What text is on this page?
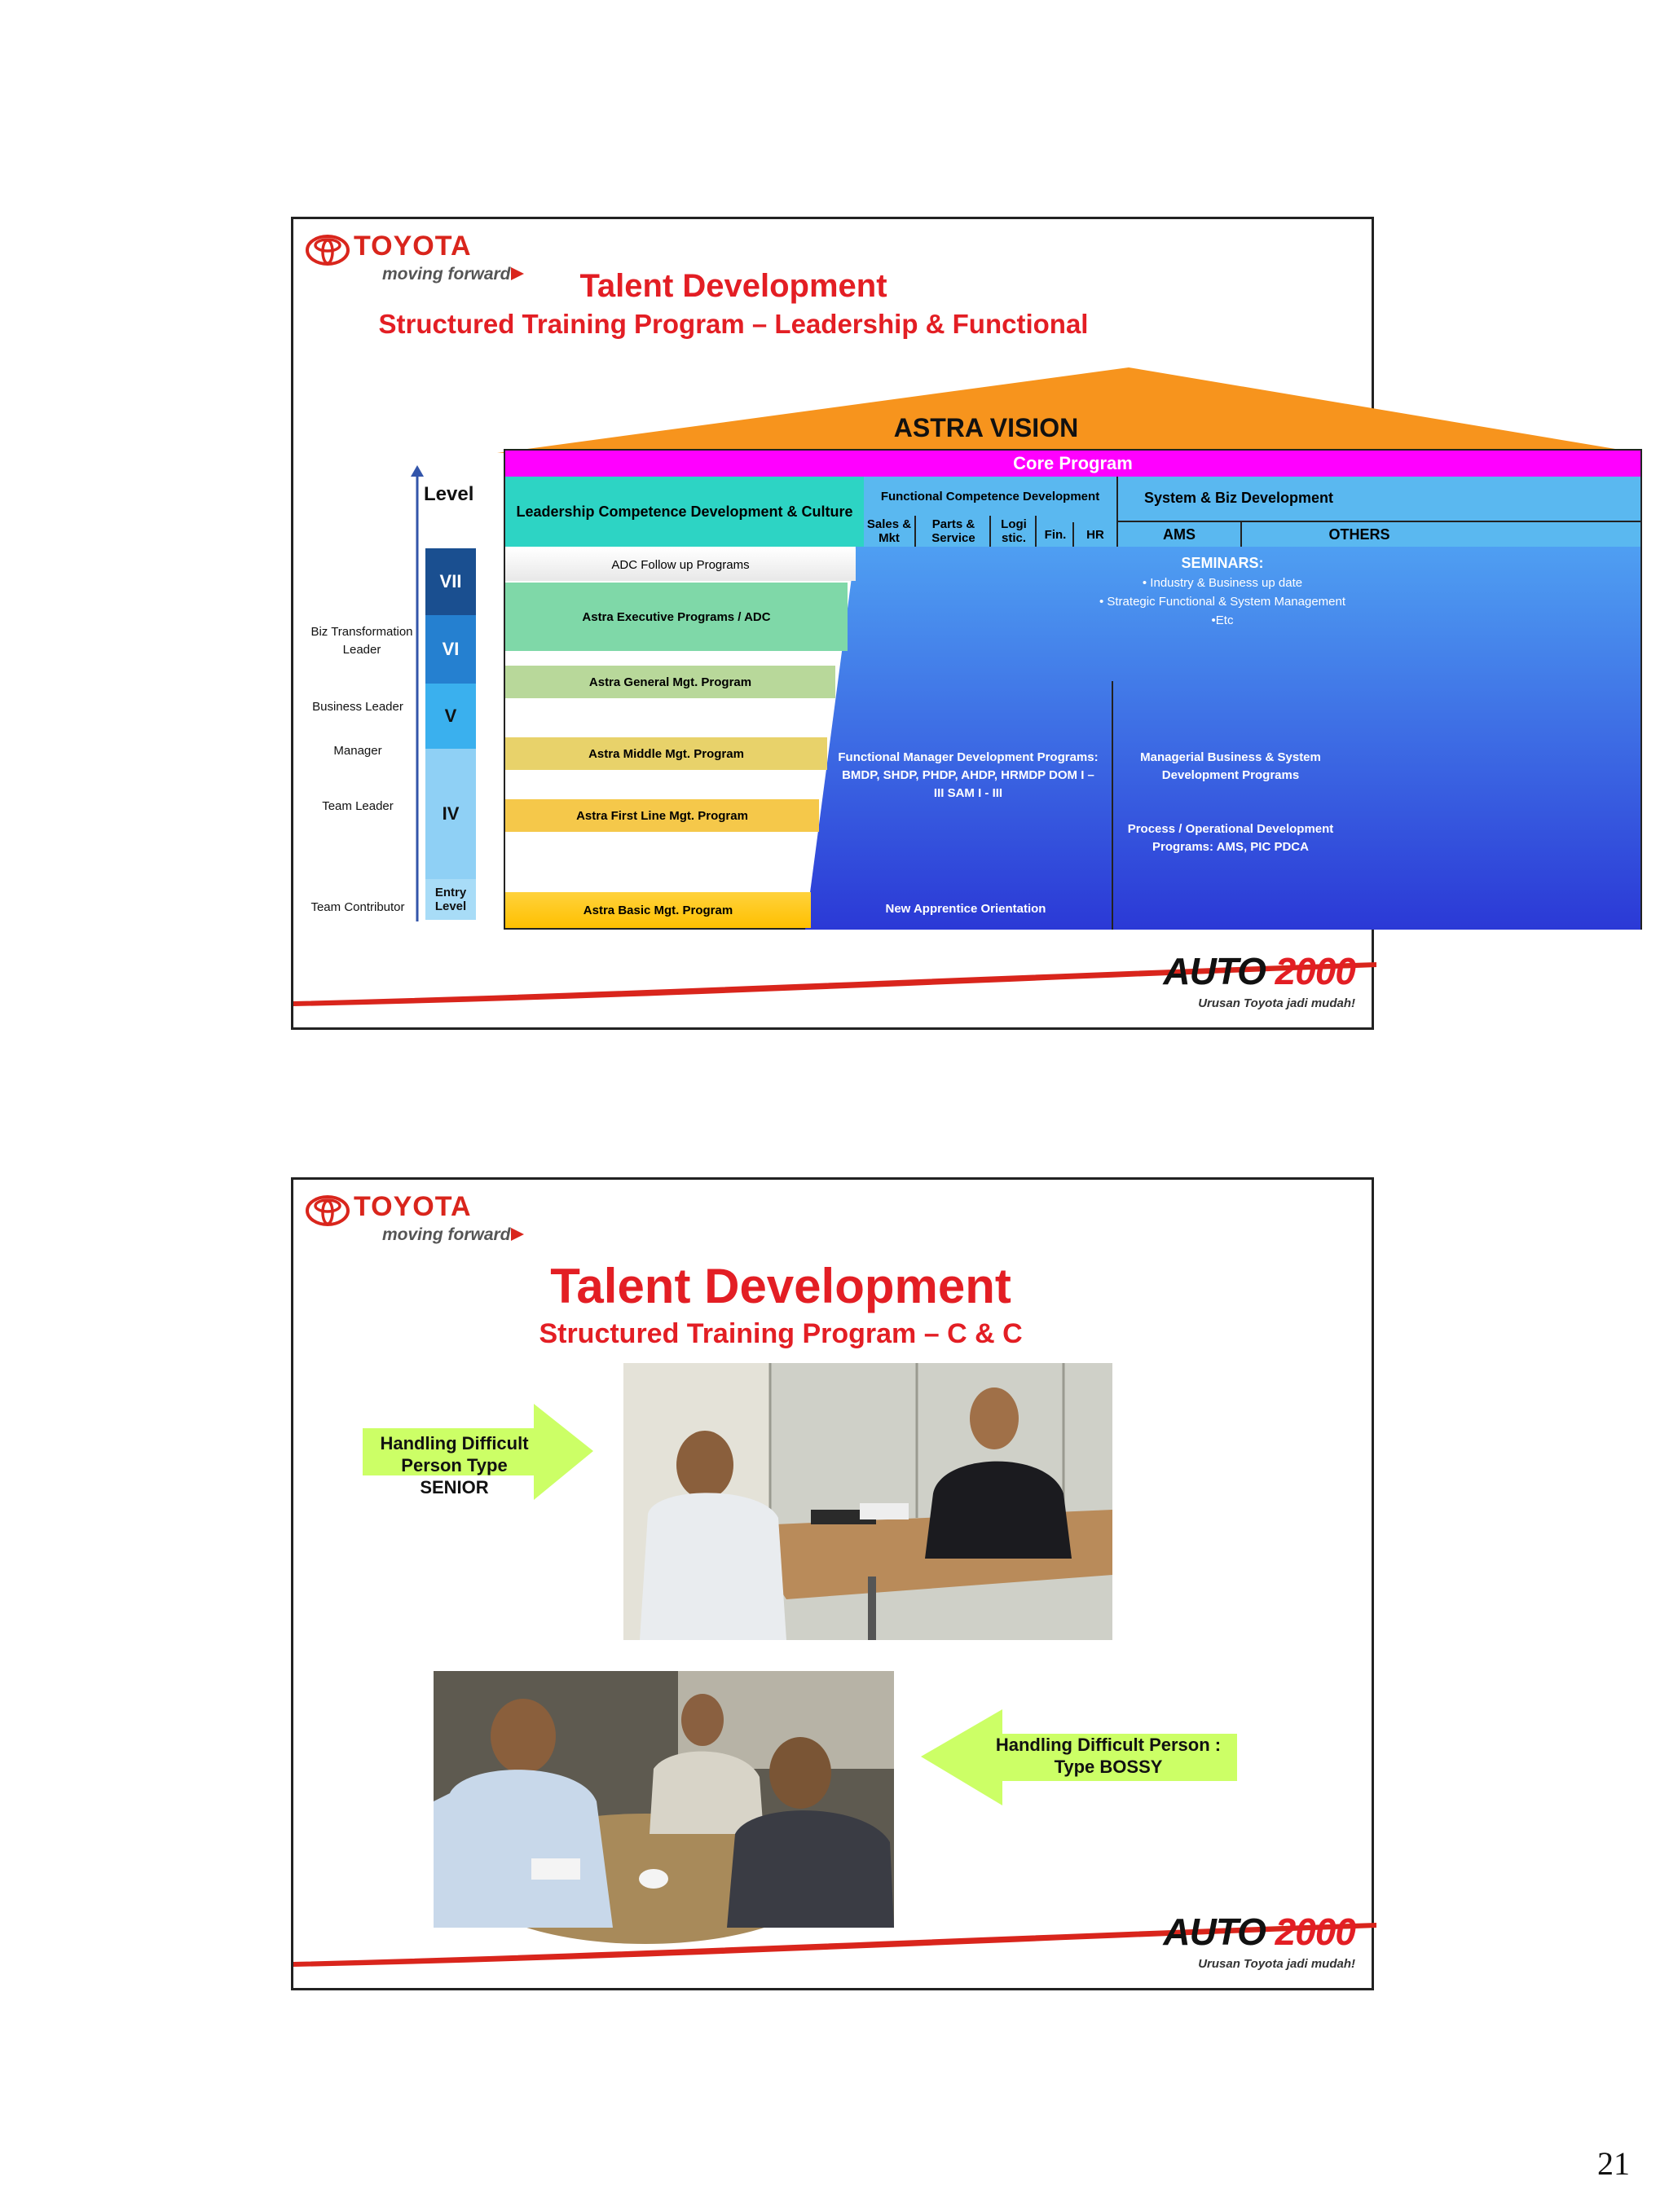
TOYOTA
moving forward	Talent Development
Structured Training Program – Leadership & Functional
ASTRA VISION
Core Program
Leadership Competence Development & Culture
Functional Competence Development
Sales & Mkt
Parts & Service
Logi stic.	Fin.	HR
System & Biz Development
AMS	OTHERS
ADC Follow up Programs
Astra Executive Programs / ADC
Astra General Mgt. Program
Astra Middle Mgt. Program
Astra First Line Mgt. Program
Astra Basic Mgt. Program
SEMINARS:
• Industry & Business up date
• Strategic Functional & System Management
•Etc
Functional Manager Development Programs: BMDP, SHDP, PHDP, AHDP, HRMDP DOM I – III SAM I - III
Managerial Business & System Development Programs
Process / Operational Development Programs: AMS, PIC PDCA
New Apprentice Orientation
Level
VII
VI
V
IV
Entry Level
Biz Transformation Leader
Business Leader
Manager
Team Leader
Team Contributor
AUTO 2000
Urusan Toyota jadi mudah!
TOYOTA
moving forward
Talent Development
Structured Training Program – C & C
Handling Difficult Person Type SENIOR
Handling Difficult Person : Type BOSSY
AUTO 2000
Urusan Toyota jadi mudah!
21
